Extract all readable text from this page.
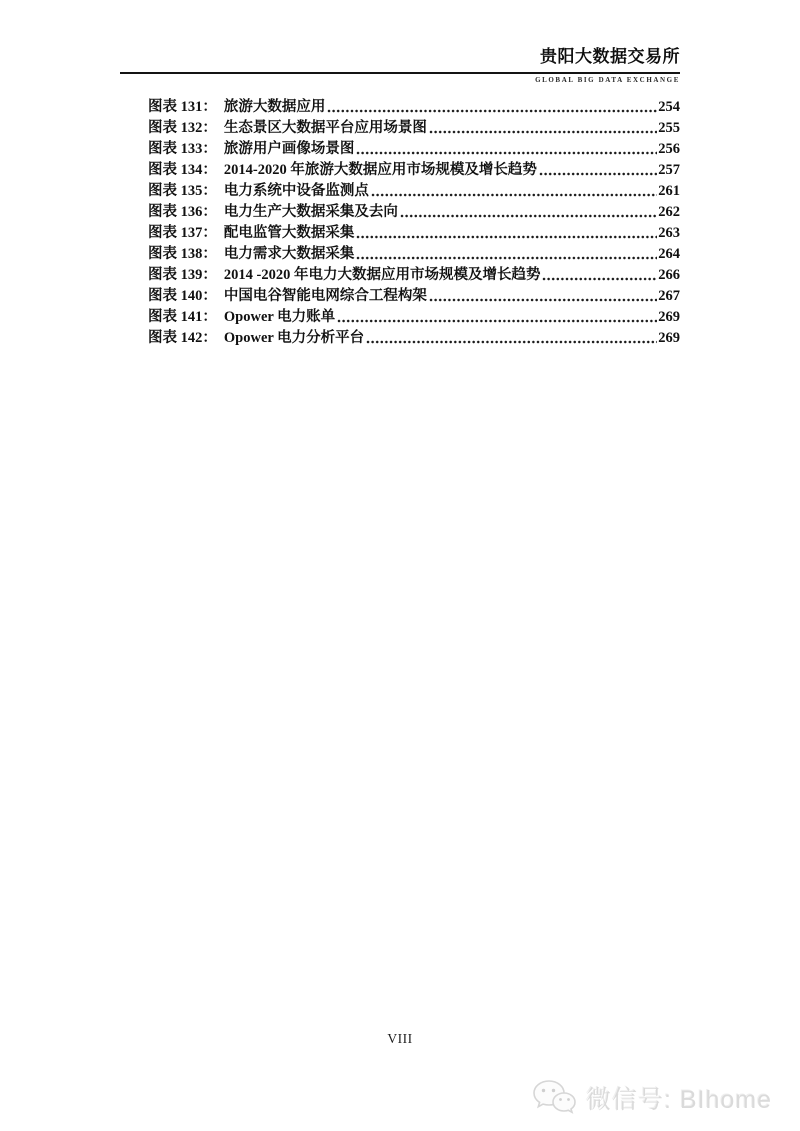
贵阳大数据交易所
GLOBAL BIG DATA EXCHANGE
图表 131： 旅游大数据应用	254
图表 132： 生态景区大数据平台应用场景图	255
图表 133： 旅游用户画像场景图	256
图表 134： 2014-2020 年旅游大数据应用市场规模及增长趋势	257
图表 135： 电力系统中设备监测点	261
图表 136： 电力生产大数据采集及去向	262
图表 137： 配电监管大数据采集	263
图表 138： 电力需求大数据采集	264
图表 139： 2014 -2020 年电力大数据应用市场规模及增长趋势	266
图表 140： 中国电谷智能电网综合工程构架	267
图表 141： Opower 电力账单	269
图表 142： Opower 电力分析平台	269
VIII
微信号: BIhome
